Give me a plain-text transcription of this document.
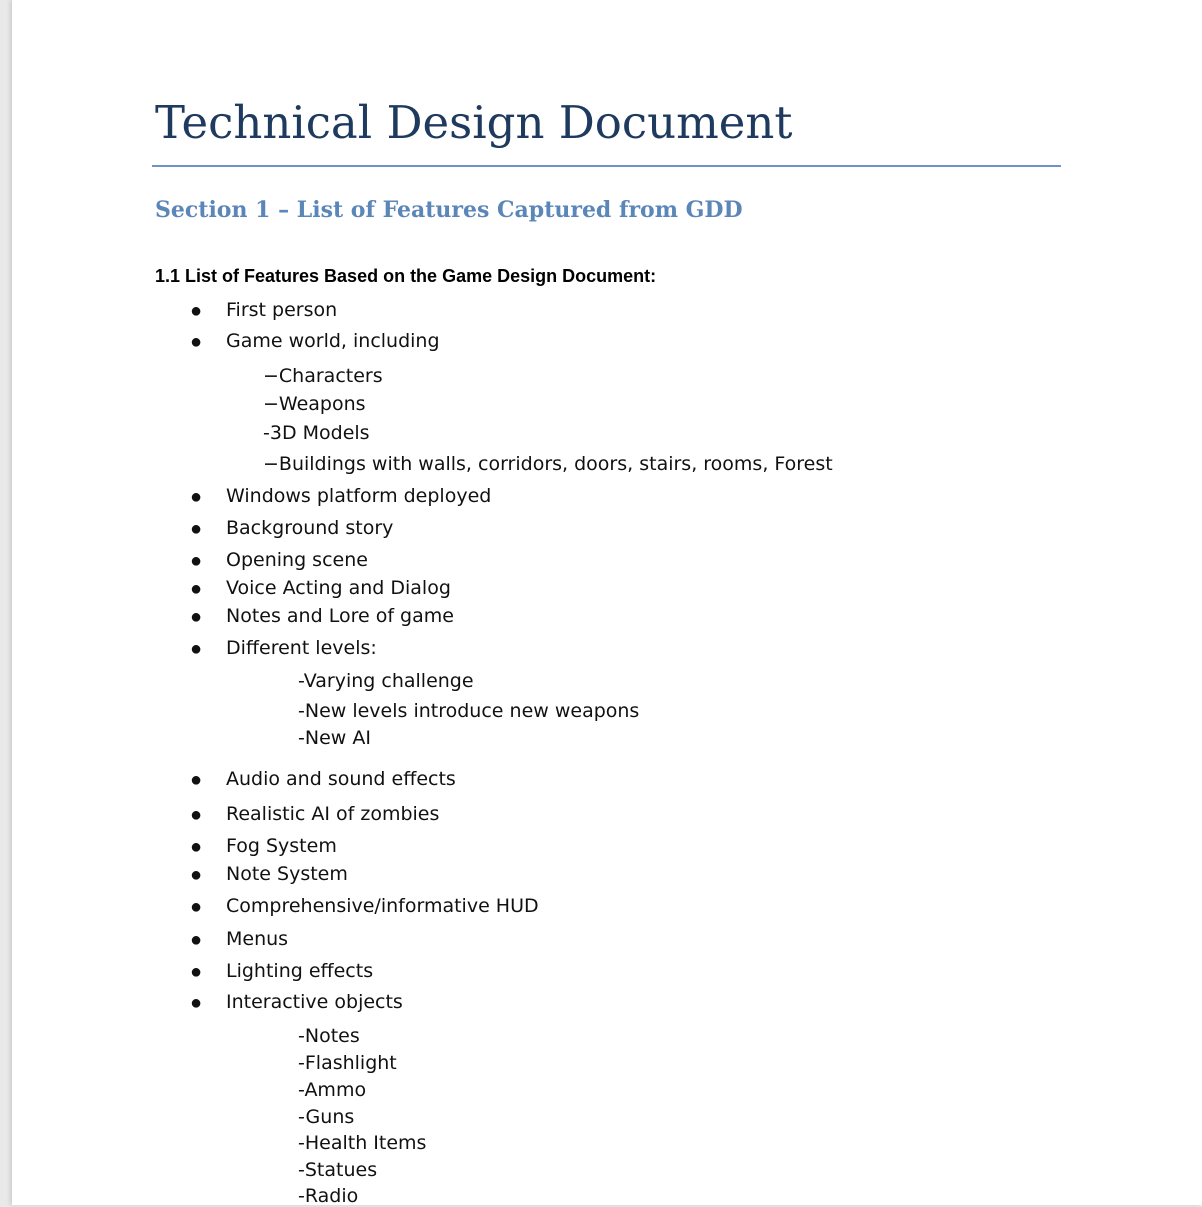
Technical Design Document
Section 1 – List of Features Captured from GDD
1.1 List of Features Based on the Game Design Document:
● First person
● Game world, including
−Characters
−Weapons
-3D Models
−Buildings with walls, corridors, doors, stairs, rooms, Forest
● Windows platform deployed
● Background story
● Opening scene
● Voice Acting and Dialog
● Notes and Lore of game
● Different levels:
-Varying challenge
-New levels introduce new weapons
-New AI
● Audio and sound effects
● Realistic AI of zombies
● Fog System
● Note System
● Comprehensive/informative HUD
● Menus
● Lighting effects
● Interactive objects
-Notes
-Flashlight
-Ammo
-Guns
-Health Items
-Statues
-Radio
